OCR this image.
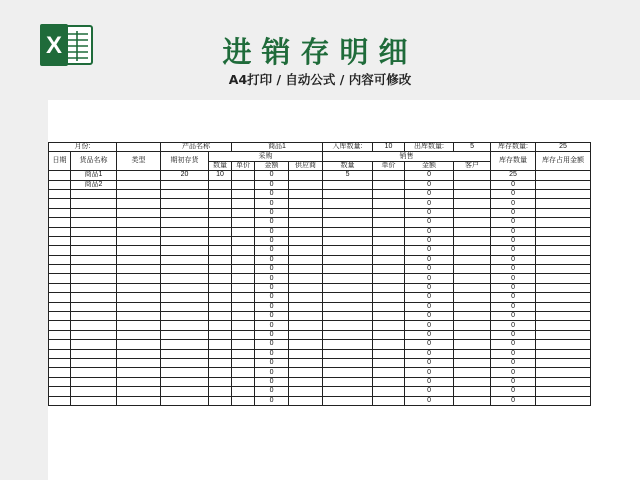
X	进销存明细
A4打印 / 自动公式 / 内容可修改
月份:			产品名称		商品1			入库数量:	10	出库数量:	5	库存数量:	25
日期	货品名称	类型	期初存货	采购				销售				库存数量	库存占用金额
				数量	单价	金额	供应商	数量	单价	金额	客户		
	商品1		20	10		0		5		0		25	
	商品2					0				0		0	
						0				0		0	
						0				0		0	
						0				0		0	
						0				0		0	
						0				0		0	
						0				0		0	
						0				0		0	
						0				0		0	
						0				0		0	
						0				0		0	
						0				0		0	
						0				0		0	
						0				0		0	
						0				0		0	
						0				0		0	
						0				0		0	
						0				0		0	
						0				0		0	
						0				0		0	
						0				0		0	
						0				0		0	
						0				0		0	
						0				0		0	
